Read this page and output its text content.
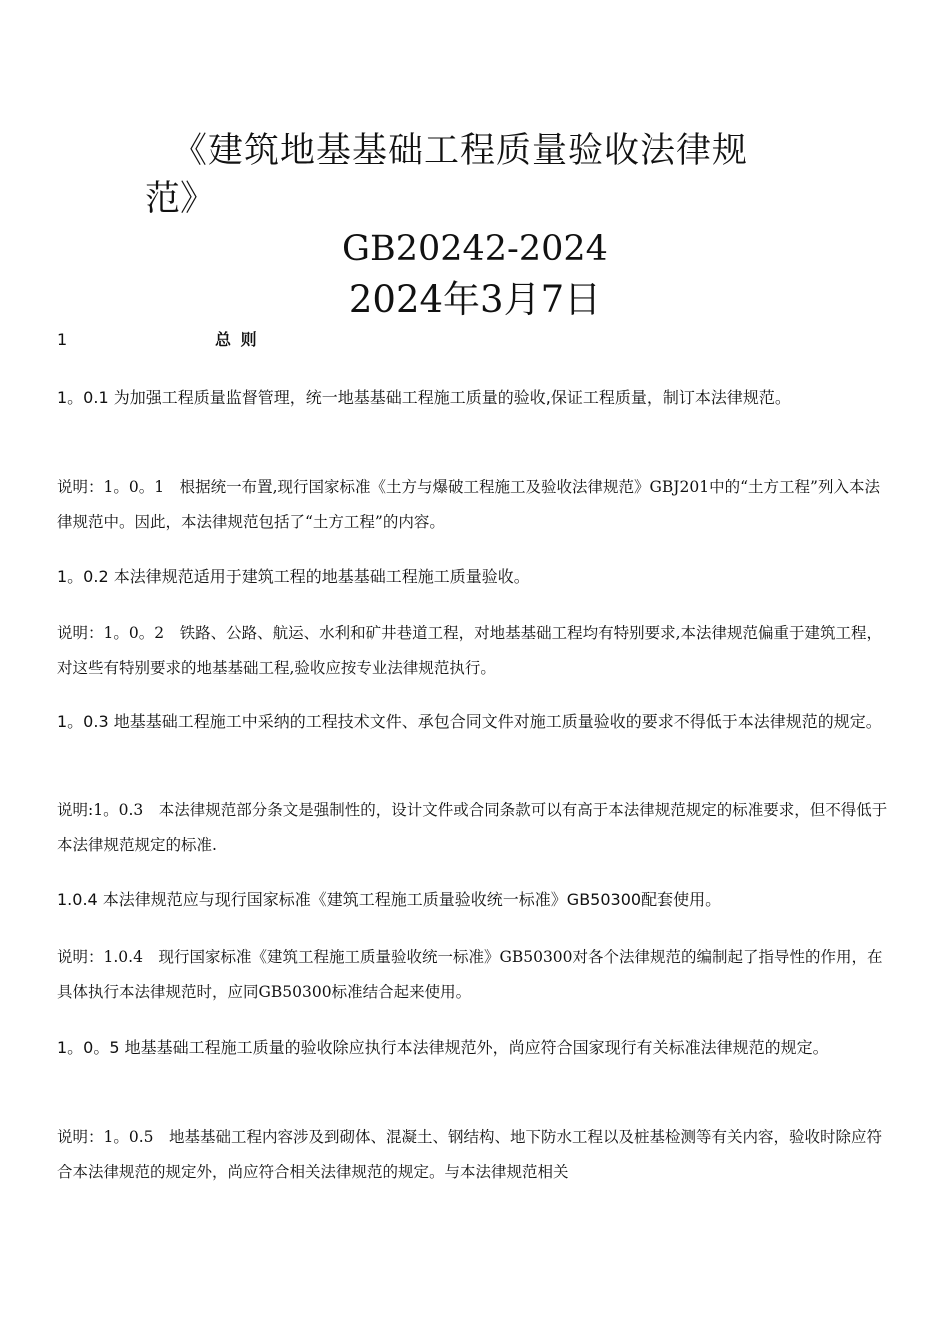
《建筑地基基础工程质量验收法律规
范》
GB20242-2024
2024年3月7日
1	总 则

1。0.1 为加强工程质量监督管理，统一地基基础工程施工质量的验收,保证工程质量，制订本法律规范。

说明：1。0。1　根据统一布置,现行国家标准《土方与爆破工程施工及验收法律规范》GBJ201中的“土方工程”列入本法律规范中。因此，本法律规范包括了“土方工程”的内容。

1。0.2 本法律规范适用于建筑工程的地基基础工程施工质量验收。

说明：1。0。2　铁路、公路、航运、水利和矿井巷道工程，对地基基础工程均有特别要求,本法律规范偏重于建筑工程，对这些有特别要求的地基基础工程,验收应按专业法律规范执行。

1。0.3 地基基础工程施工中采纳的工程技术文件、承包合同文件对施工质量验收的要求不得低于本法律规范的规定。

说明:1。0.3　本法律规范部分条文是强制性的，设计文件或合同条款可以有高于本法律规范规定的标准要求，但不得低于本法律规范规定的标准.

1.0.4 本法律规范应与现行国家标准《建筑工程施工质量验收统一标准》GB50300配套使用。

说明：1.0.4　现行国家标准《建筑工程施工质量验收统一标准》GB50300对各个法律规范的编制起了指导性的作用，在具体执行本法律规范时，应同GB50300标准结合起来使用。

1。0。5 地基基础工程施工质量的验收除应执行本法律规范外，尚应符合国家现行有关标准法律规范的规定。

说明：1。0.5　地基基础工程内容涉及到砌体、混凝土、钢结构、地下防水工程以及桩基检测等有关内容，验收时除应符合本法律规范的规定外，尚应符合相关法律规范的规定。与本法律规范相关
